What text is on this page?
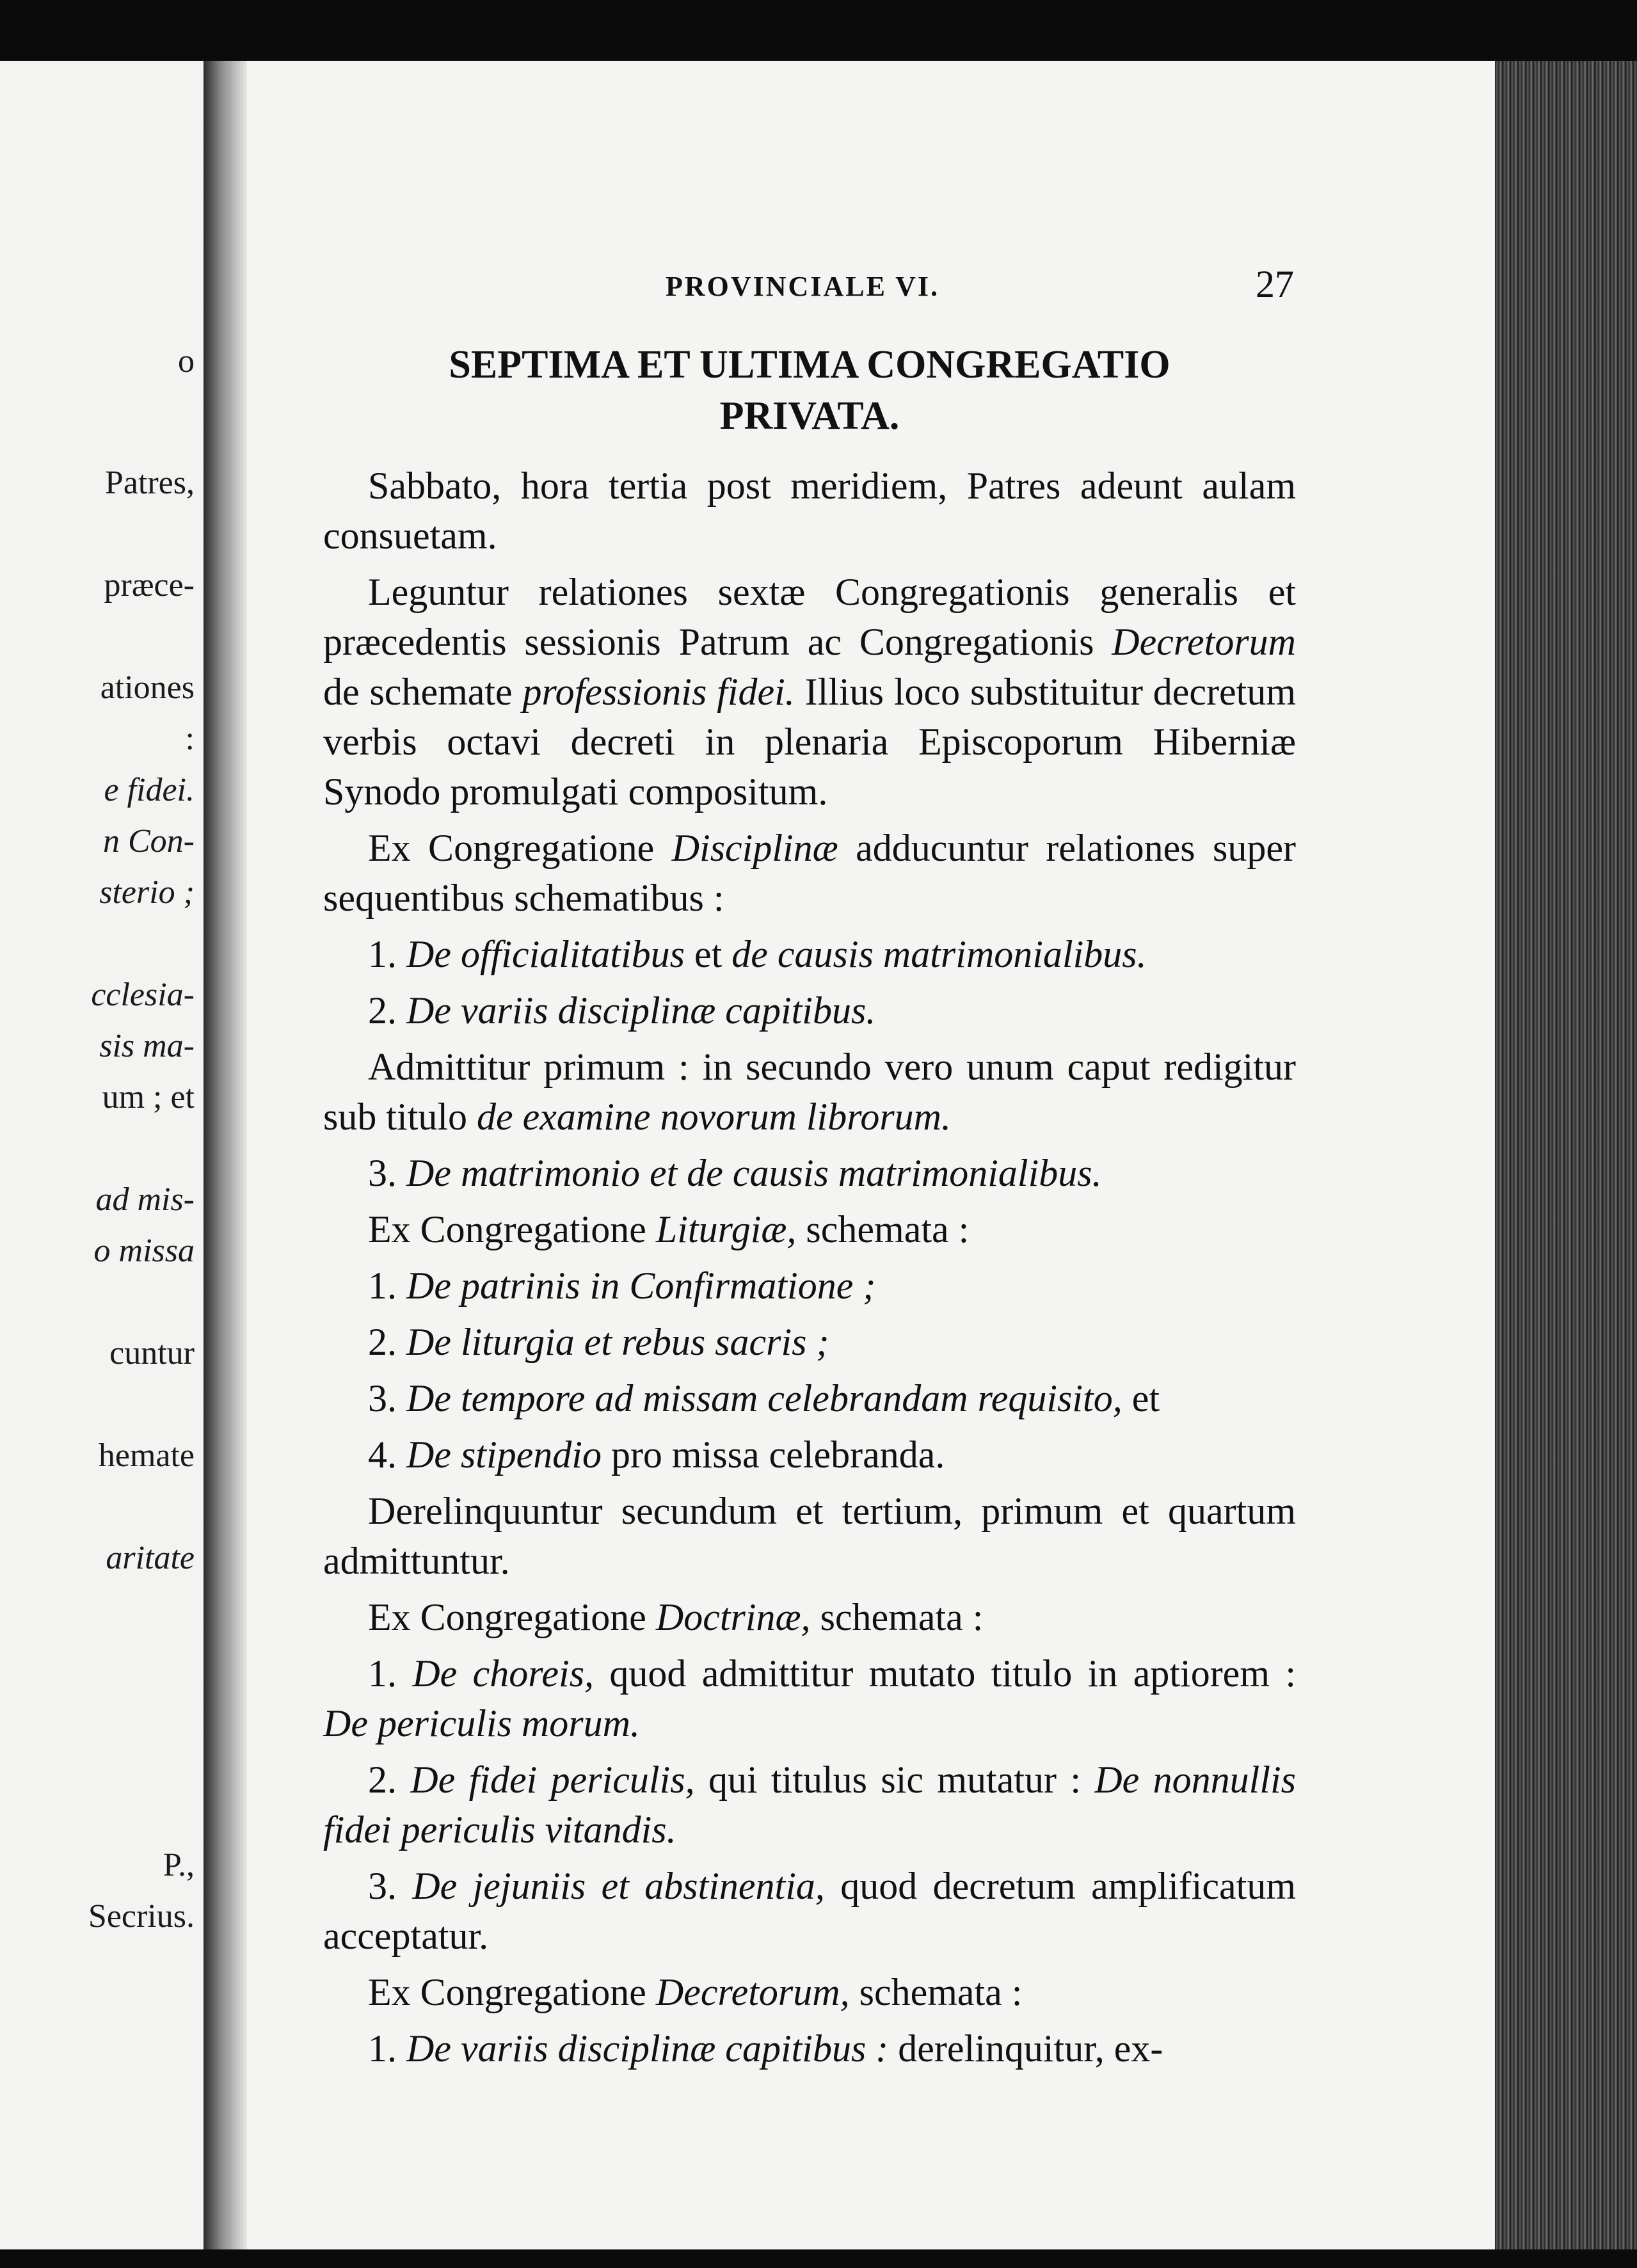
o
Patres,
præce-
ationes
:
e fidei.
n Con-
sterio ;
cclesia-
sis ma-
um ; et
ad mis-
o missa
cuntur
hemate
aritate
P.,
Secrius.
PROVINCIALE VI.	27
SEPTIMA ET ULTIMA CONGREGATIO
PRIVATA.

Sabbato, hora tertia post meridiem, Patres adeunt aulam consuetam.

Leguntur relationes sextæ Congregationis generalis et præcedentis sessionis Patrum ac Congregationis Decretorum de schemate professionis fidei. Illius loco substituitur decretum verbis octavi decreti in plenaria Episcoporum Hiberniæ Synodo promulgati compositum.

Ex Congregatione Disciplinæ adducuntur relationes super sequentibus schematibus :

1. De officialitatibus et de causis matrimonialibus.
2. De variis disciplinæ capitibus.

Admittitur primum : in secundo vero unum caput redigitur sub titulo de examine novorum librorum.

3. De matrimonio et de causis matrimonialibus.

Ex Congregatione Liturgiæ, schemata :

1. De patrinis in Confirmatione ;
2. De liturgia et rebus sacris ;
3. De tempore ad missam celebrandam requisito, et
4. De stipendio pro missa celebranda.

Derelinquuntur secundum et tertium, primum et quartum admittuntur.

Ex Congregatione Doctrinæ, schemata :

1. De choreis, quod admittitur mutato titulo in aptiorem : De periculis morum.

2. De fidei periculis, qui titulus sic mutatur : De nonnullis fidei periculis vitandis.

3. De jejuniis et abstinentia, quod decretum amplificatum acceptatur.

Ex Congregatione Decretorum, schemata :

1. De variis disciplinæ capitibus : derelinquitur, ex-
